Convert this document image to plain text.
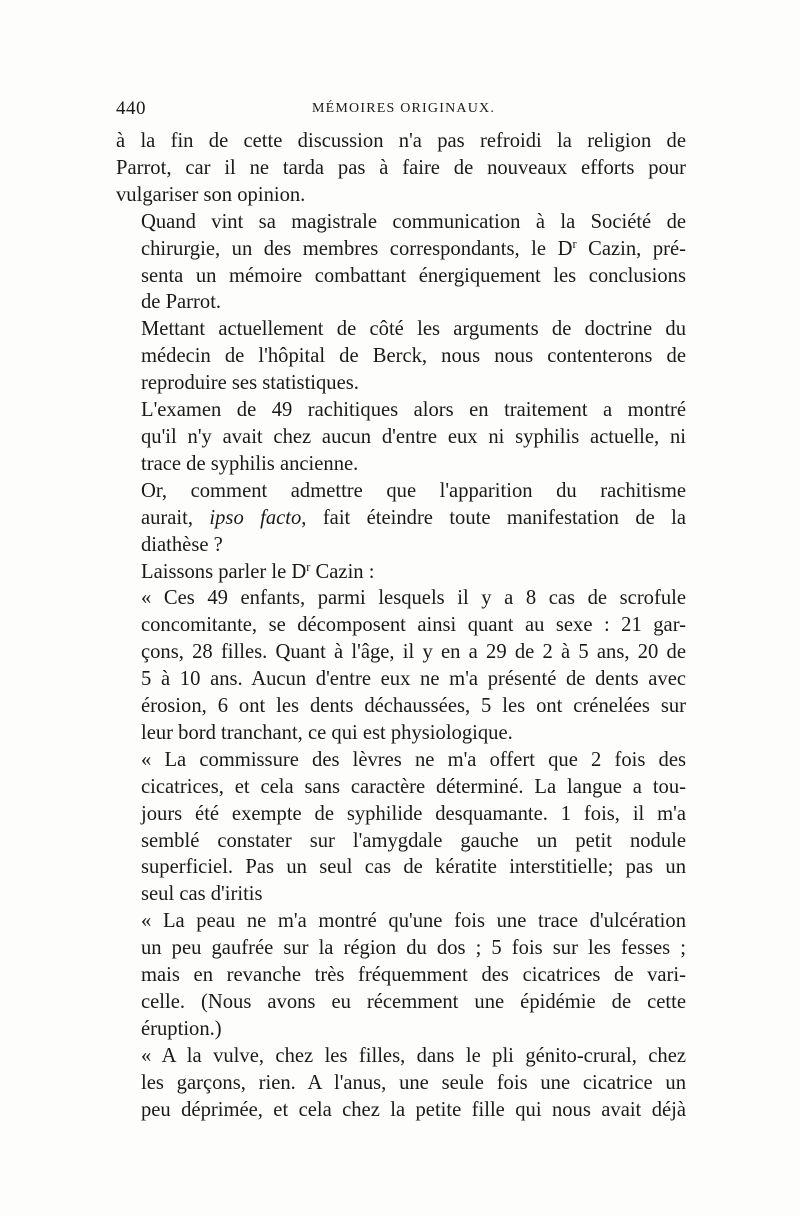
440	MÉMOIRES ORIGINAUX.

à la fin de cette discussion n'a pas refroidi la religion de
Parrot, car il ne tarda pas à faire de nouveaux efforts pour
vulgariser son opinion.

Quand vint sa magistrale communication à la Société de
chirurgie, un des membres correspondants, le $D^r$ Cazin, pré-
senta un mémoire combattant énergiquement les conclusions
de Parrot.

Mettant actuellement de côté les arguments de doctrine du
médecin de l'hôpital de Berck, nous nous contenterons de
reproduire ses statistiques.

L'examen de 49 rachitiques alors en traitement a montré
qu'il n'y avait chez aucun d'entre eux ni syphilis actuelle, ni
trace de syphilis ancienne.

Or, comment admettre que l'apparition du rachitisme
aurait, ipso facto, fait éteindre toute manifestation de la
diathèse ?

Laissons parler le $D^r$ Cazin :

« Ces 49 enfants, parmi lesquels il y a 8 cas de scrofule
concomitante, se décomposent ainsi quant au sexe : 21 gar-
çons, 28 filles. Quant à l'âge, il y en a 29 de 2 à 5 ans, 20 de
5 à 10 ans. Aucun d'entre eux ne m'a présenté de dents avec
érosion, 6 ont les dents déchaussées, 5 les ont crénelées sur
leur bord tranchant, ce qui est physiologique.

« La commissure des lèvres ne m'a offert que 2 fois des
cicatrices, et cela sans caractère déterminé. La langue a tou-
jours été exempte de syphilide desquamante. 1 fois, il m'a
semblé constater sur l'amygdale gauche un petit nodule
superficiel. Pas un seul cas de kératite interstitielle; pas un
seul cas d'iritis

« La peau ne m'a montré qu'une fois une trace d'ulcération
un peu gaufrée sur la région du dos ; 5 fois sur les fesses ;
mais en revanche très fréquemment des cicatrices de vari-
celle. (Nous avons eu récemment une épidémie de cette
éruption.)

« A la vulve, chez les filles, dans le pli génito-crural, chez
les garçons, rien. A l'anus, une seule fois une cicatrice un
peu déprimée, et cela chez la petite fille qui nous avait déjà
